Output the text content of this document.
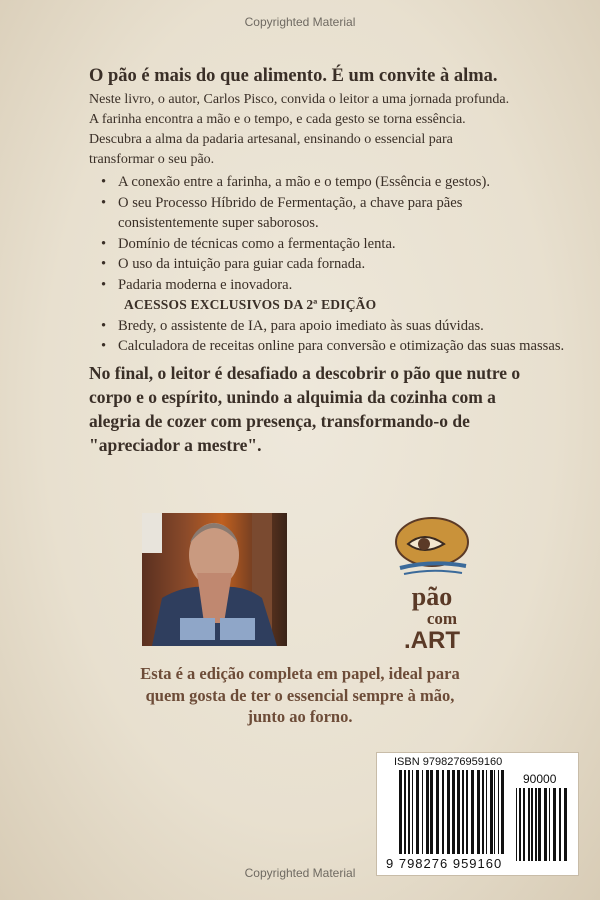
Copyrighted Material
O pão é mais do que alimento. É um convite à alma.
Neste livro, o autor, Carlos Pisco, convida o leitor a uma jornada profunda.
A farinha encontra a mão e o tempo, e cada gesto se torna essência.
Descubra a alma da padaria artesanal, ensinando o essencial para
transformar o seu pão.
• A conexão entre a farinha, a mão e o tempo (Essência e gestos).
• O seu Processo Híbrido de Fermentação, a chave para pães consistentemente super saborosos.
• Domínio de técnicas como a fermentação lenta.
• O uso da intuição para guiar cada fornada.
• Padaria moderna e inovadora.
ACESSOS EXCLUSIVOS DA 2ª EDIÇÃO
• Bredy, o assistente de IA, para apoio imediato às suas dúvidas.
• Calculadora de receitas online para conversão e otimização das suas massas.
No final, o leitor é desafiado a descobrir o pão que nutre o corpo e o espírito, unindo a alquimia da cozinha com a alegria de cozer com presença, transformando-o de "apreciador a mestre".
pão
com
.ART
Esta é a edição completa em papel, ideal para quem gosta de ter o essencial sempre à mão, junto ao forno.
ISBN 9798276959160
90000
9 798276 959160
Copyrighted Material
